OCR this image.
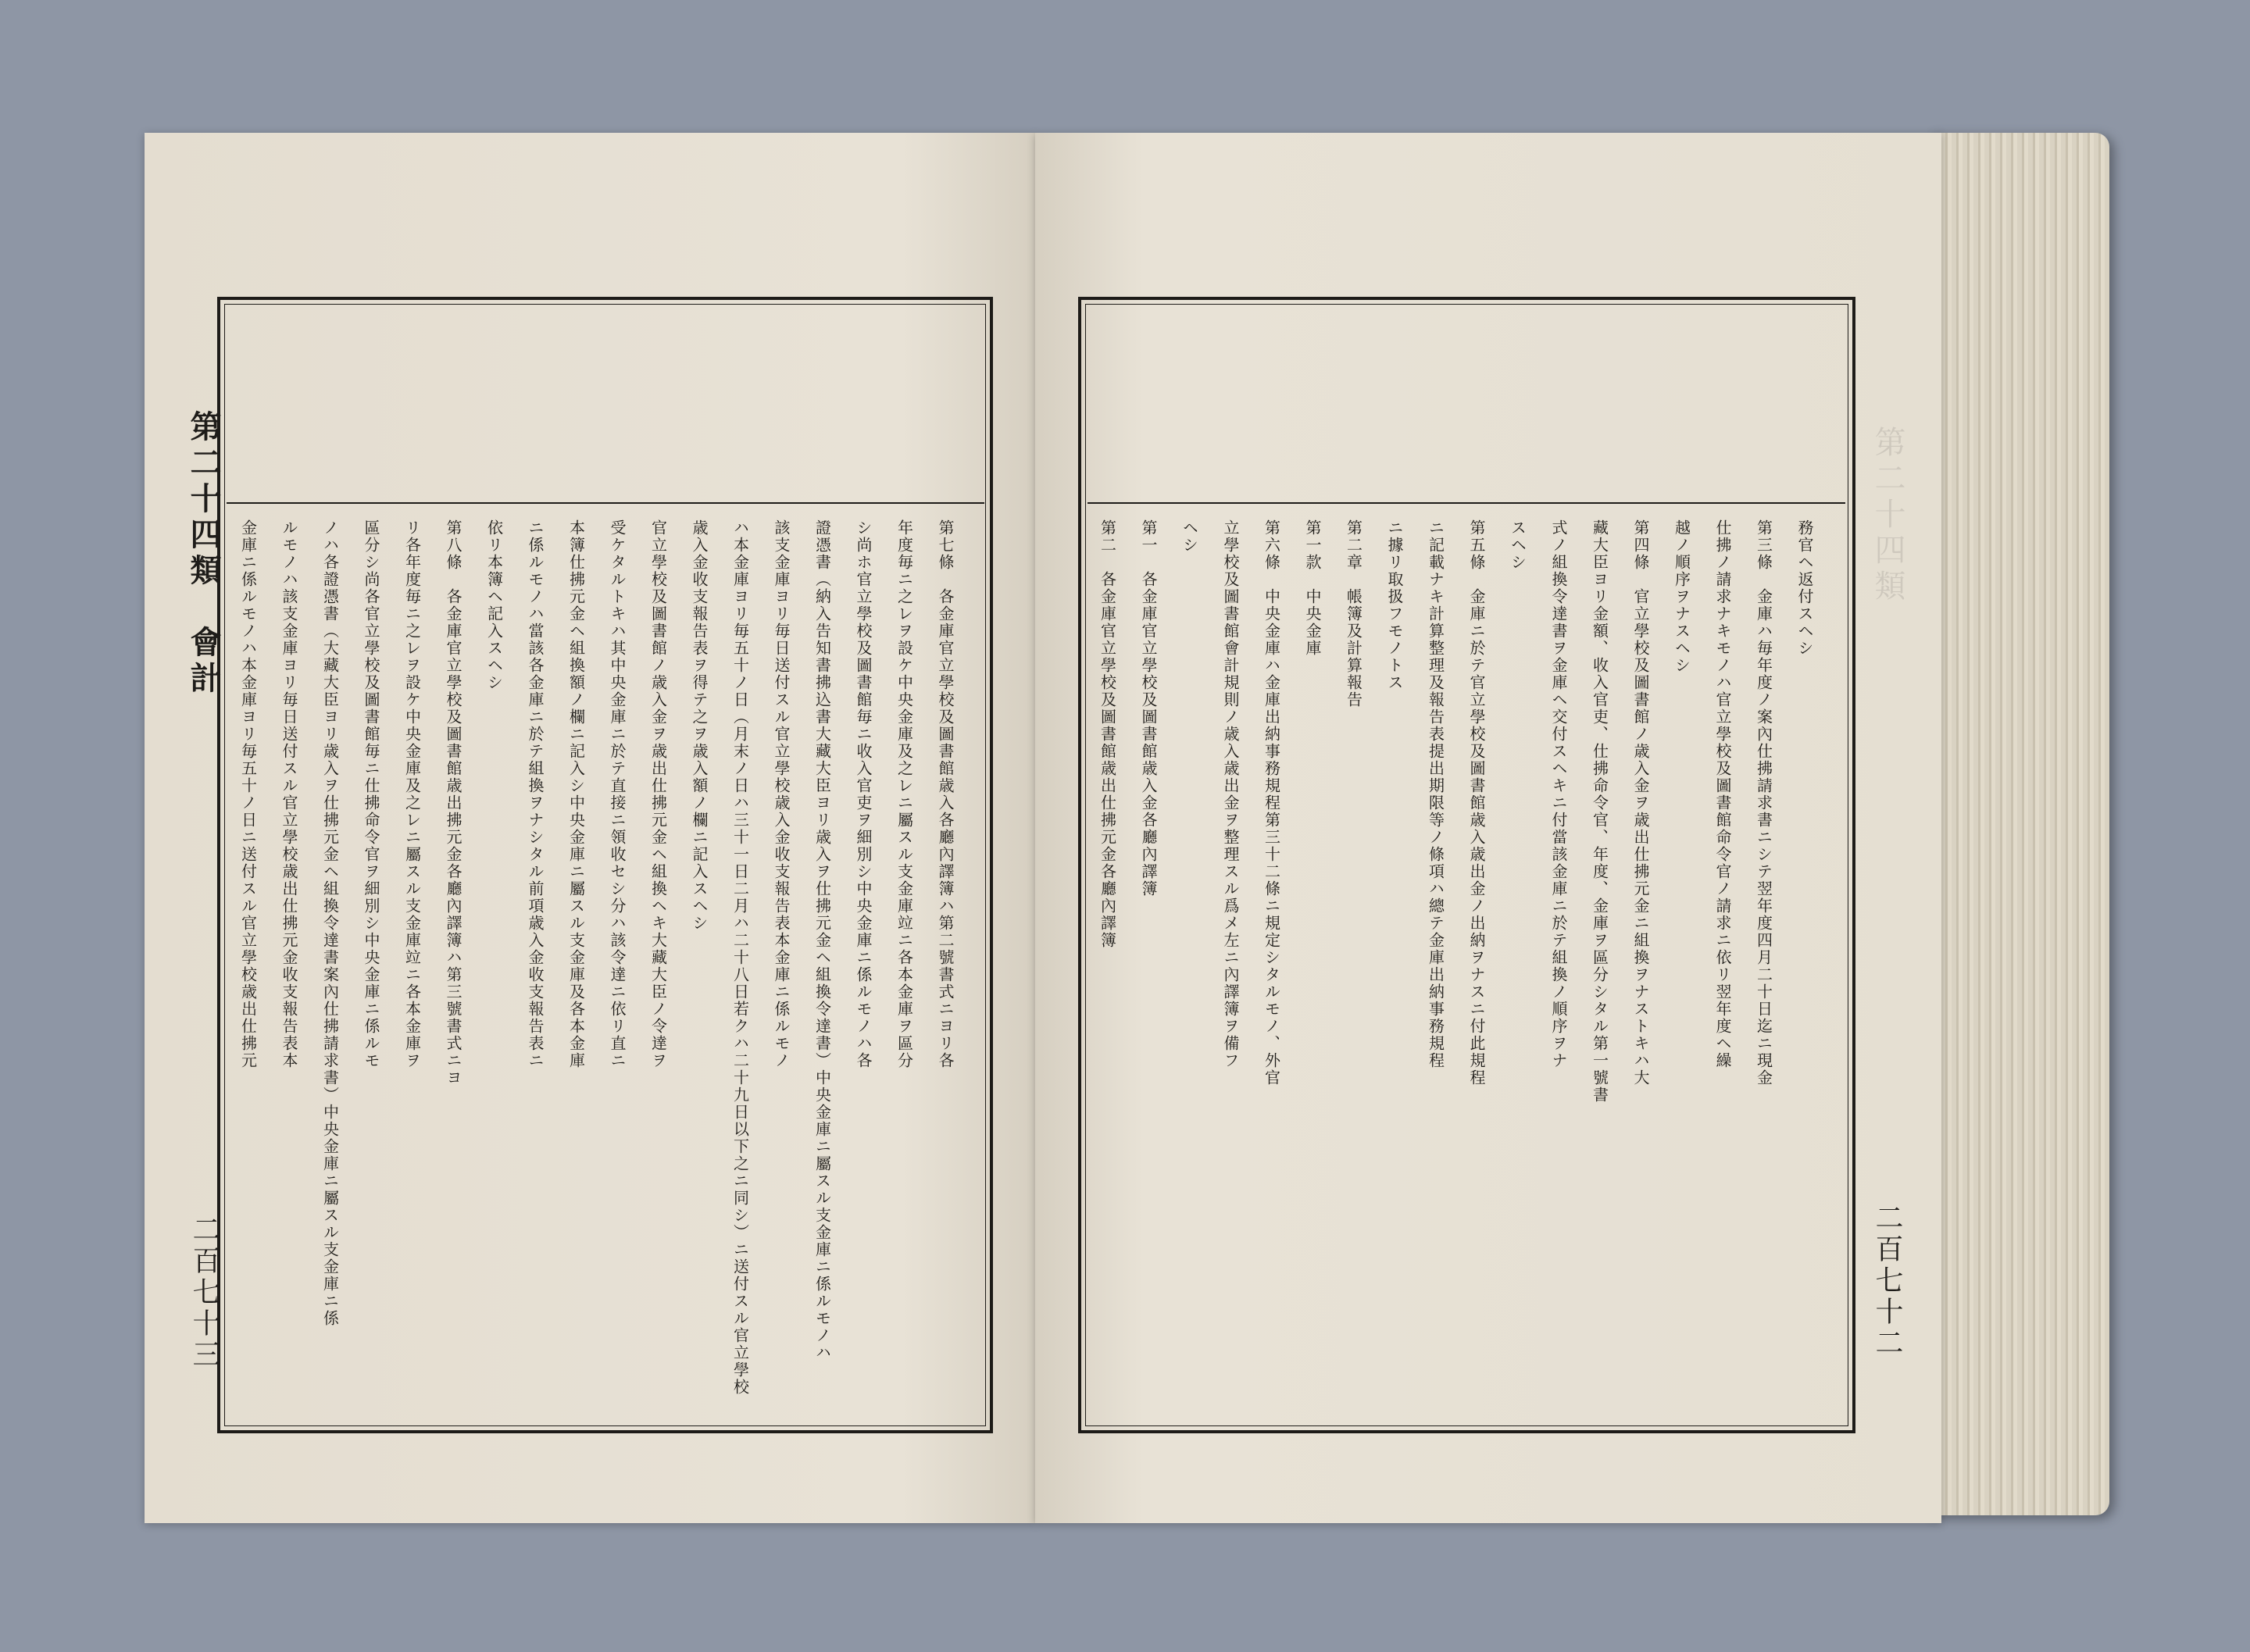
第二十四類　會計
二百七十三	二百七十二
第二十四類
第七條　各金庫官立學校及圖書館歳入各廳內譯簿ハ第二號書式ニヨリ各
年度毎ニ之レヲ設ケ中央金庫及之レニ屬スル支金庫竝ニ各本金庫ヲ區分
シ尚ホ官立學校及圖書館毎ニ收入官吏ヲ細別シ中央金庫ニ係ルモノハ各
證憑書（納入告知書拂込書大藏大臣ヨリ歳入ヲ仕拂元金ヘ組換令達書）中央金庫ニ屬スル支金庫ニ係ルモノハ
該支金庫ヨリ毎日送付スル官立學校歳入金收支報告表本金庫ニ係ルモノ
ハ本金庫ヨリ毎五十ノ日（月末ノ日ハ三十一日二月ハ二十八日若クハ二十九日以下之ニ同シ）ニ送付スル官立學校
歳入金收支報告表ヲ得テ之ヲ歳入額ノ欄ニ記入スヘシ
官立學校及圖書館ノ歳入金ヲ歳出仕拂元金ヘ組換ヘキ大藏大臣ノ令達ヲ
受ケタルトキハ其中央金庫ニ於テ直接ニ領收セシ分ハ該令達ニ依リ直ニ
本簿仕拂元金ヘ組換額ノ欄ニ記入シ中央金庫ニ屬スル支金庫及各本金庫
ニ係ルモノハ當該各金庫ニ於テ組換ヲナシタル前項歳入金收支報告表ニ
依リ本簿ヘ記入スヘシ
第八條　各金庫官立學校及圖書館歳出拂元金各廳內譯簿ハ第三號書式ニヨ
リ各年度毎ニ之レヲ設ケ中央金庫及之レニ屬スル支金庫竝ニ各本金庫ヲ
區分シ尚各官立學校及圖書館毎ニ仕拂命令官ヲ細別シ中央金庫ニ係ルモ
ノハ各證憑書（大藏大臣ヨリ歳入ヲ仕拂元金ヘ組換令達書案內仕拂請求書）中央金庫ニ屬スル支金庫ニ係
ルモノハ該支金庫ヨリ毎日送付スル官立學校歳出仕拂元金收支報告表本
金庫ニ係ルモノハ本金庫ヨリ毎五十ノ日ニ送付スル官立學校歳出仕拂元	務官ヘ返付スヘシ
第三條　金庫ハ毎年度ノ案內仕拂請求書ニシテ翌年度四月二十日迄ニ現金
仕拂ノ請求ナキモノハ官立學校及圖書館命令官ノ請求ニ依リ翌年度ヘ繰
越ノ順序ヲナスヘシ
第四條　官立學校及圖書館ノ歳入金ヲ歳出仕拂元金ニ組換ヲナストキハ大
藏大臣ヨリ金額、收入官吏、仕拂命令官、年度、金庫ヲ區分シタル第一號書
式ノ組換令達書ヲ金庫ヘ交付スヘキニ付當該金庫ニ於テ組換ノ順序ヲナ
スヘシ
第五條　金庫ニ於テ官立學校及圖書館歳入歳出金ノ出納ヲナスニ付此規程
ニ記載ナキ計算整理及報告表提出期限等ノ條項ハ總テ金庫出納事務規程
ニ據リ取扱フモノトス
第二章　帳簿及計算報告
第一款　中央金庫
第六條　中央金庫ハ金庫出納事務規程第三十二條ニ規定シタルモノ、外官
立學校及圖書館會計規則ノ歳入歳出金ヲ整理スル爲メ左ニ內譯簿ヲ備フ
ヘシ
第一　各金庫官立學校及圖書館歳入金各廳內譯簿
第二　各金庫官立學校及圖書館歳出仕拂元金各廳內譯簿
